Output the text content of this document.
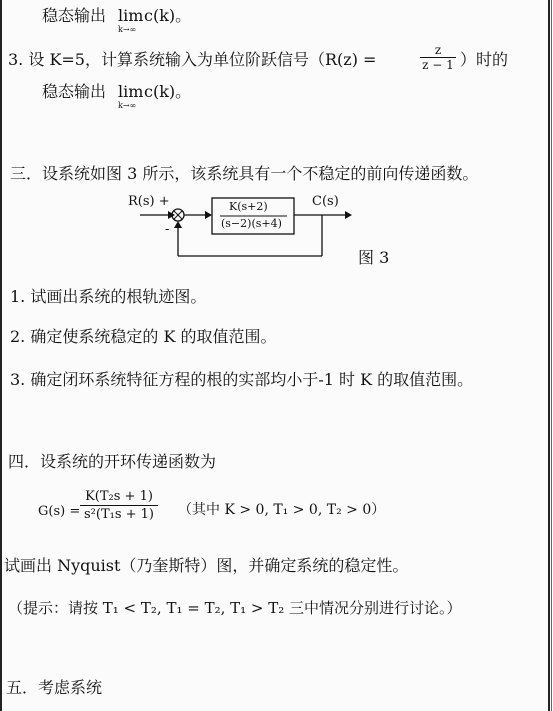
稳态输出 lim
k→∞
c(k)。
3. 设 K=5，计算系统输入为单位阶跃信号（R(z) =	$\frac{z}{z - 1}$ ）时的
稳态输出 lim
k→∞
c(k)。
三．设系统如图 3 所示，该系统具有一个不稳定的前向传递函数。
R(s) +
-
K(s+2)
(s−2)(s+4)
C(s)
图 3
1. 试画出系统的根轨迹图。
2. 确定使系统稳定的 K 的取值范围。
3. 确定闭环系统特征方程的根的实部均小于-1 时 K 的取值范围。
四．设系统的开环传递函数为
$G(s) = \frac{\text{K(T₂s + 1)}}{\text{s²(T₁s + 1)}}$ （其中 K > 0, T₁ > 0, T₂ > 0）
试画出 Nyquist（乃奎斯特）图，并确定系统的稳定性。
（提示：请按 T₁ < T₂, T₁ = T₂, T₁ > T₂ 三中情况分别进行讨论。）
五．考虑系统
